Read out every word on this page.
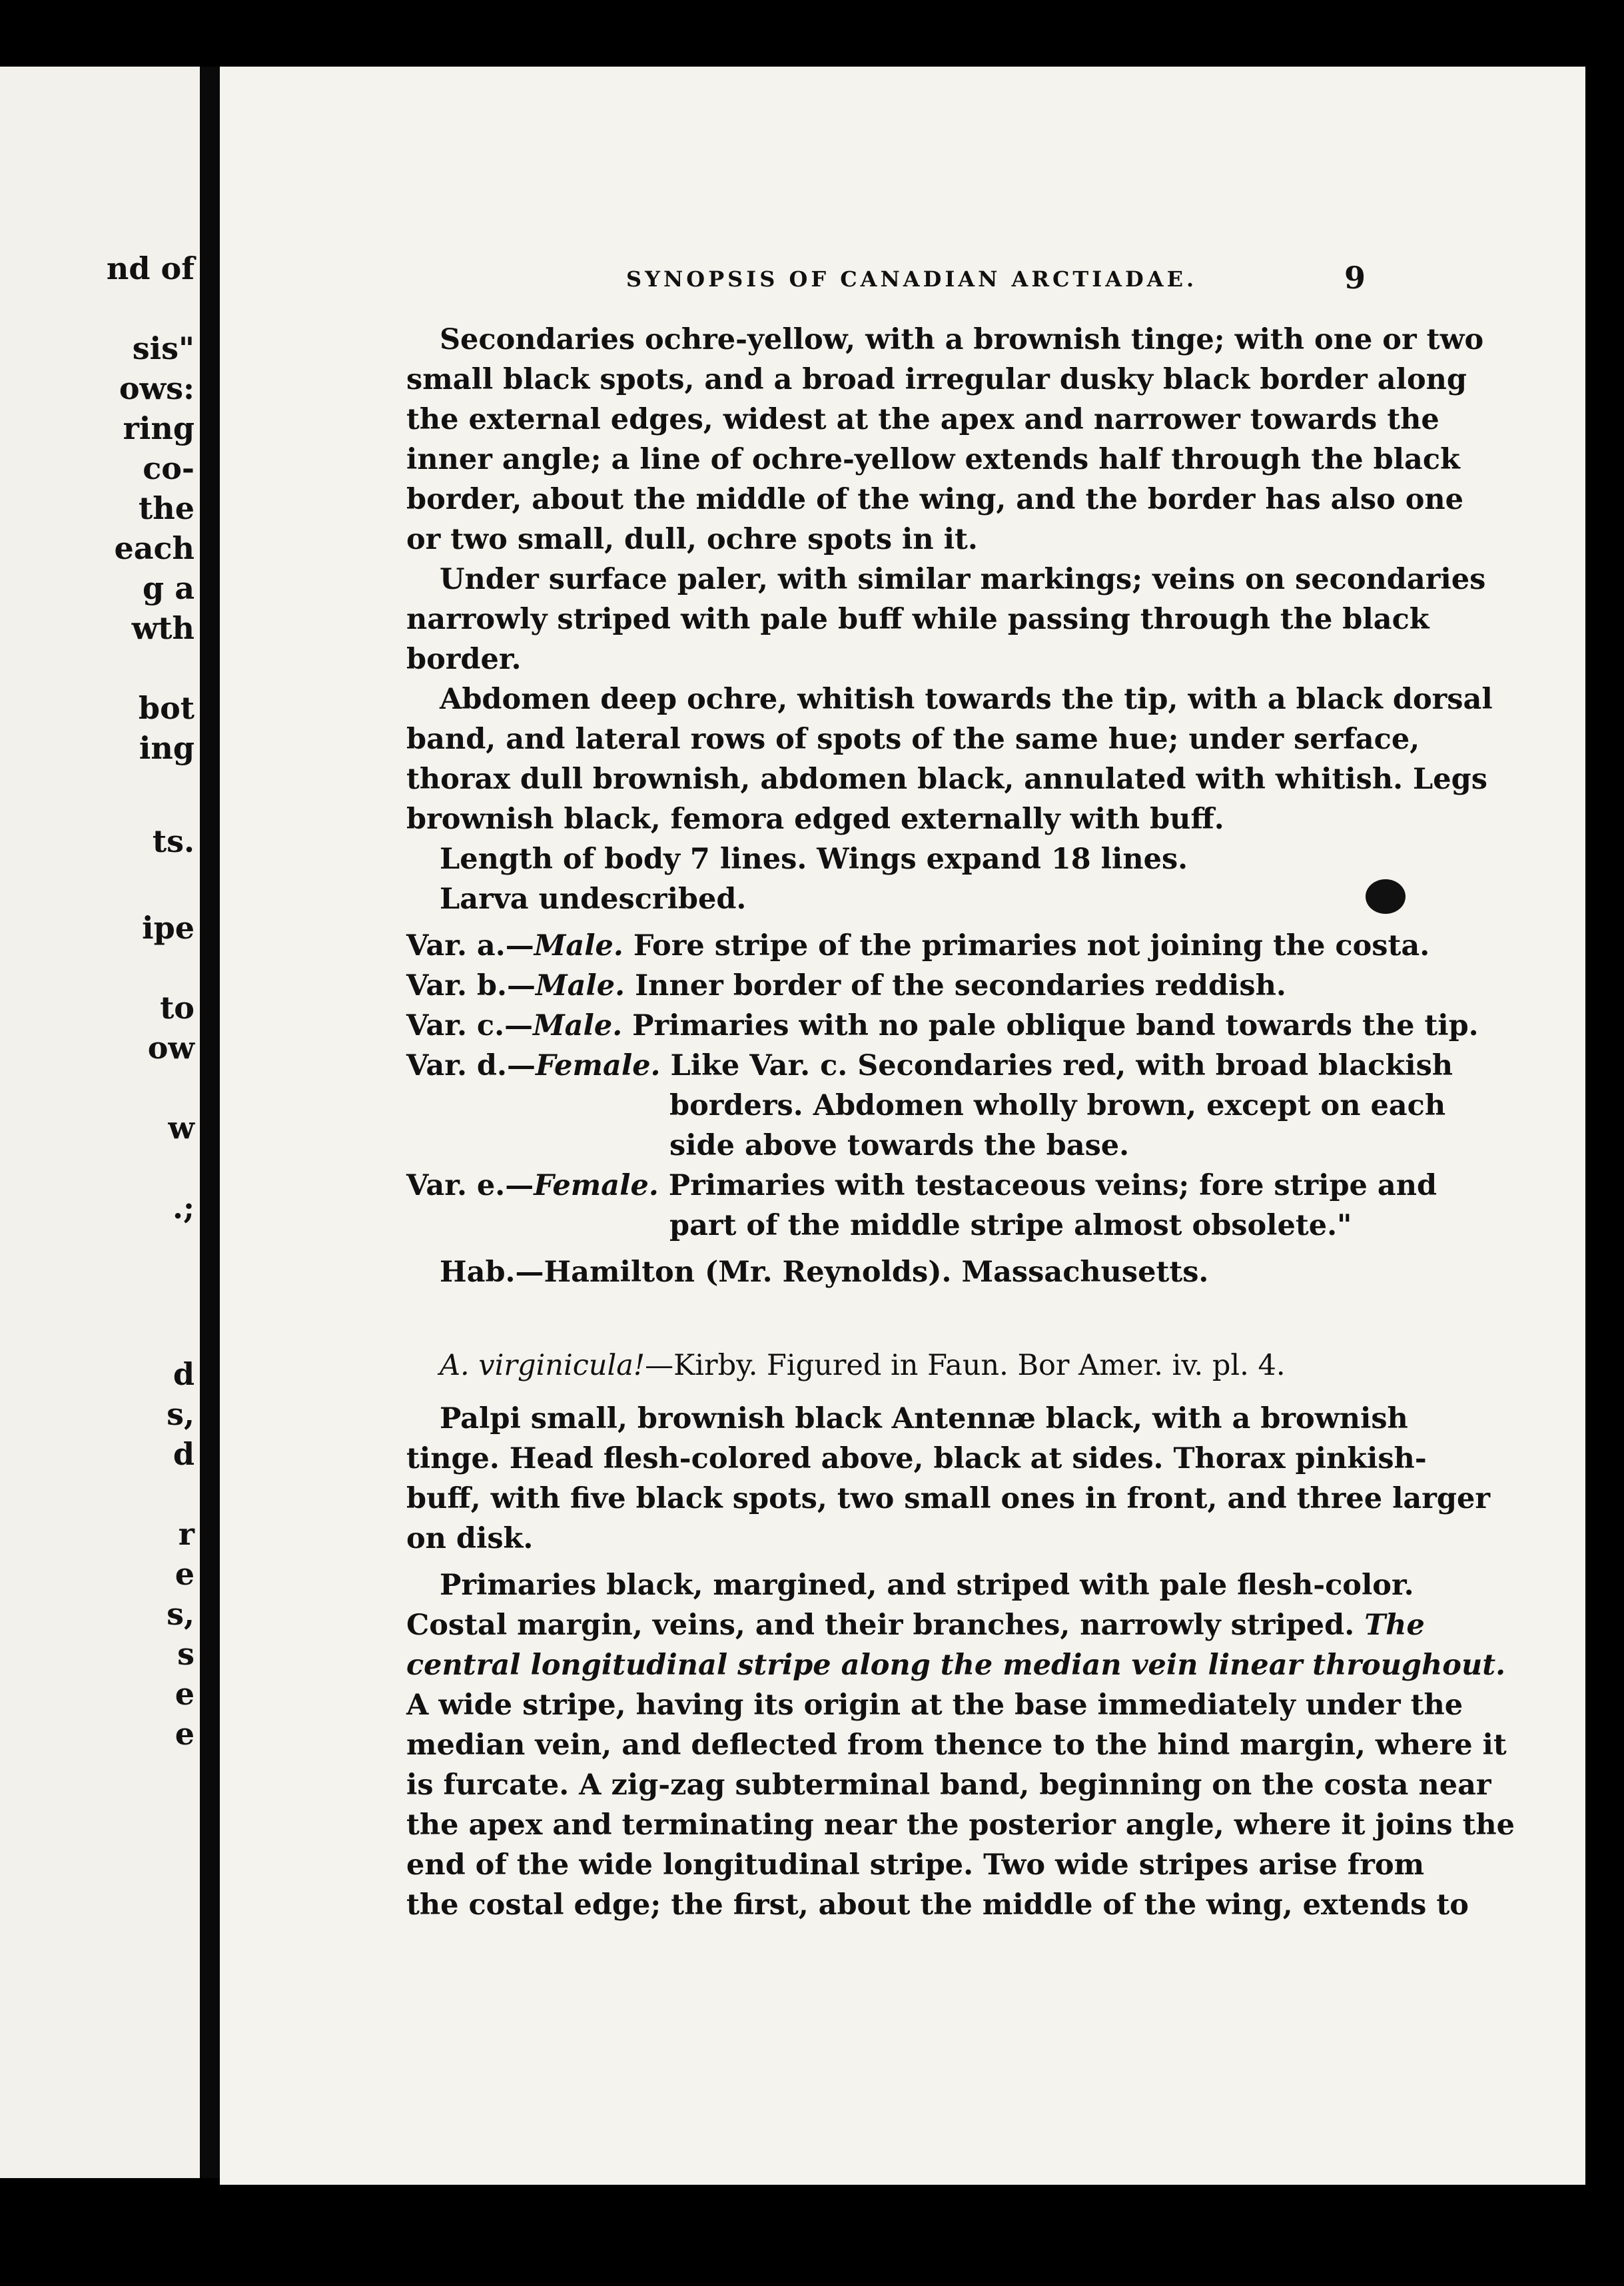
nd of
sis"
ows:
ring
co-
the
each
g a
wth
bot
ing
ts.
ipe
to
ow
w
.;
d
s,
d
r
e
s,
s
e
e
SYNOPSIS OF CANADIAN ARCTIADAE.	9
Secondaries ochre-yellow, with a brownish tinge; with one or two
small black spots, and a broad irregular dusky black border along
the external edges, widest at the apex and narrower towards the
inner angle; a line of ochre-yellow extends half through the black
border, about the middle of the wing, and the border has also one
or two small, dull, ochre spots in it.
Under surface paler, with similar markings; veins on secondaries
narrowly striped with pale buff while passing through the black
border.
Abdomen deep ochre, whitish towards the tip, with a black dorsal
band, and lateral rows of spots of the same hue; under serface,
thorax dull brownish, abdomen black, annulated with whitish. Legs
brownish black, femora edged externally with buff.
Length of body 7 lines. Wings expand 18 lines.
Larva undescribed.
Var. a.—Male. Fore stripe of the primaries not joining the costa.
Var. b.—Male. Inner border of the secondaries reddish.
Var. c.—Male. Primaries with no pale oblique band towards the tip.
Var. d.—Female. Like Var. c. Secondaries red, with broad blackish
borders. Abdomen wholly brown, except on each
side above towards the base.
Var. e.—Female. Primaries with testaceous veins; fore stripe and
part of the middle stripe almost obsolete."
Hab.—Hamilton (Mr. Reynolds). Massachusetts.
A. virginicula!—Kirby. Figured in Faun. Bor Amer. iv. pl. 4.
Palpi small, brownish black Antennæ black, with a brownish
tinge. Head flesh-colored above, black at sides. Thorax pinkish-
buff, with five black spots, two small ones in front, and three larger
on disk.
Primaries black, margined, and striped with pale flesh-color.
Costal margin, veins, and their branches, narrowly striped. The
central longitudinal stripe along the median vein linear throughout.
A wide stripe, having its origin at the base immediately under the
median vein, and deflected from thence to the hind margin, where it
is furcate. A zig-zag subterminal band, beginning on the costa near
the apex and terminating near the posterior angle, where it joins the
end of the wide longitudinal stripe. Two wide stripes arise from
the costal edge; the first, about the middle of the wing, extends to
